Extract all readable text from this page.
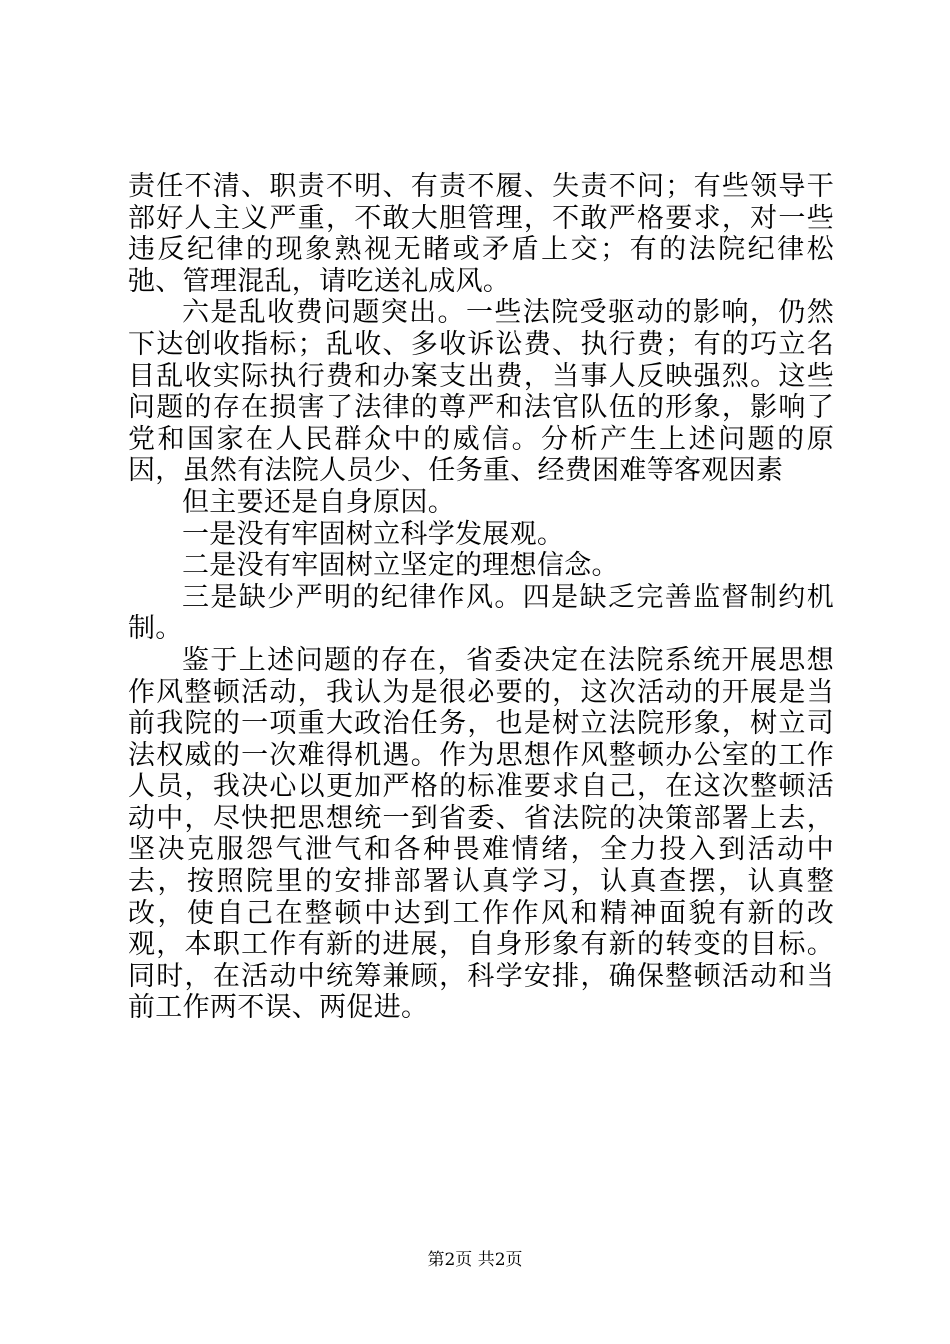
责任不清、职责不明、有责不履、失责不问；有些领导干部好人主义严重，不敢大胆管理，不敢严格要求，对一些违反纪律的现象熟视无睹或矛盾上交；有的法院纪律松弛、管理混乱，请吃送礼成风。

六是乱收费问题突出。一些法院受驱动的影响，仍然下达创收指标；乱收、多收诉讼费、执行费；有的巧立名目乱收实际执行费和办案支出费，当事人反映强烈。这些问题的存在损害了法律的尊严和法官队伍的形象，影响了党和国家在人民群众中的威信。分析产生上述问题的原因，虽然有法院人员少、任务重、经费困难等客观因素

但主要还是自身原因。

一是没有牢固树立科学发展观。

二是没有牢固树立坚定的理想信念。

三是缺少严明的纪律作风。四是缺乏完善监督制约机制。

鉴于上述问题的存在，省委决定在法院系统开展思想作风整顿活动，我认为是很必要的，这次活动的开展是当前我院的一项重大政治任务，也是树立法院形象，树立司法权威的一次难得机遇。作为思想作风整顿办公室的工作人员，我决心以更加严格的标准要求自己，在这次整顿活动中，尽快把思想统一到省委、省法院的决策部署上去，坚决克服怨气泄气和各种畏难情绪，全力投入到活动中去，按照院里的安排部署认真学习，认真查摆，认真整改，使自己在整顿中达到工作作风和精神面貌有新的改观，本职工作有新的进展，自身形象有新的转变的目标。同时，在活动中统筹兼顾，科学安排，确保整顿活动和当前工作两不误、两促进。

第2页 共2页
